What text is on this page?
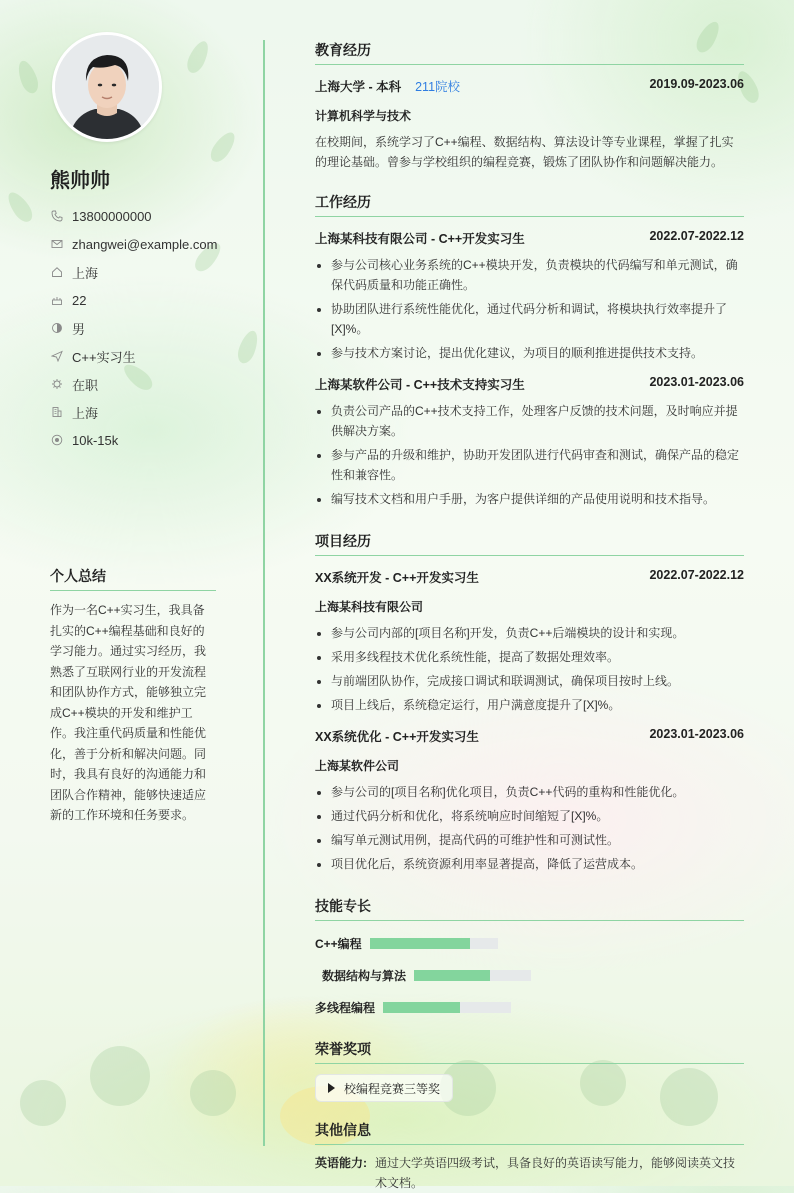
熊帅帅
13800000000
zhangwei@example.com
上海
22
男
C++实习生
在职
上海
10k-15k
个人总结
作为一名C++实习生，我具备扎实的C++编程基础和良好的学习能力。通过实习经历，我熟悉了互联网行业的开发流程和团队协作方式，能够独立完成C++模块的开发和维护工作。我注重代码质量和性能优化，善于分析和解决问题。同时，我具有良好的沟通能力和团队合作精神，能够快速适应新的工作环境和任务要求。
教育经历
上海大学 - 本科 211院校	2019.09-2023.06
计算机科学与技术
在校期间，系统学习了C++编程、数据结构、算法设计等专业课程，掌握了扎实的理论基础。曾参与学校组织的编程竞赛，锻炼了团队协作和问题解决能力。
工作经历
上海某科技有限公司 - C++开发实习生	2022.07-2022.12
• 参与公司核心业务系统的C++模块开发，负责模块的代码编写和单元测试，确保代码质量和功能正确性。
• 协助团队进行系统性能优化，通过代码分析和调试，将模块执行效率提升了[X]%。
• 参与技术方案讨论，提出优化建议，为项目的顺利推进提供技术支持。
上海某软件公司 - C++技术支持实习生	2023.01-2023.06
• 负责公司产品的C++技术支持工作，处理客户反馈的技术问题，及时响应并提供解决方案。
• 参与产品的升级和维护，协助开发团队进行代码审查和测试，确保产品的稳定性和兼容性。
• 编写技术文档和用户手册，为客户提供详细的产品使用说明和技术指导。
项目经历
XX系统开发 - C++开发实习生	2022.07-2022.12
上海某科技有限公司
• 参与公司内部的[项目名称]开发，负责C++后端模块的设计和实现。
• 采用多线程技术优化系统性能，提高了数据处理效率。
• 与前端团队协作，完成接口调试和联调测试，确保项目按时上线。
• 项目上线后，系统稳定运行，用户满意度提升了[X]%。
XX系统优化 - C++开发实习生	2023.01-2023.06
上海某软件公司
• 参与公司的[项目名称]优化项目，负责C++代码的重构和性能优化。
• 通过代码分析和优化，将系统响应时间缩短了[X]%。
• 编写单元测试用例，提高代码的可维护性和可测试性。
• 项目优化后，系统资源利用率显著提高，降低了运营成本。
技能专长
C++编程
数据结构与算法
多线程编程
荣誉奖项
校编程竞赛三等奖
其他信息
英语能力: 通过大学英语四级考试，具备良好的英语读写能力，能够阅读英文技术文档。
